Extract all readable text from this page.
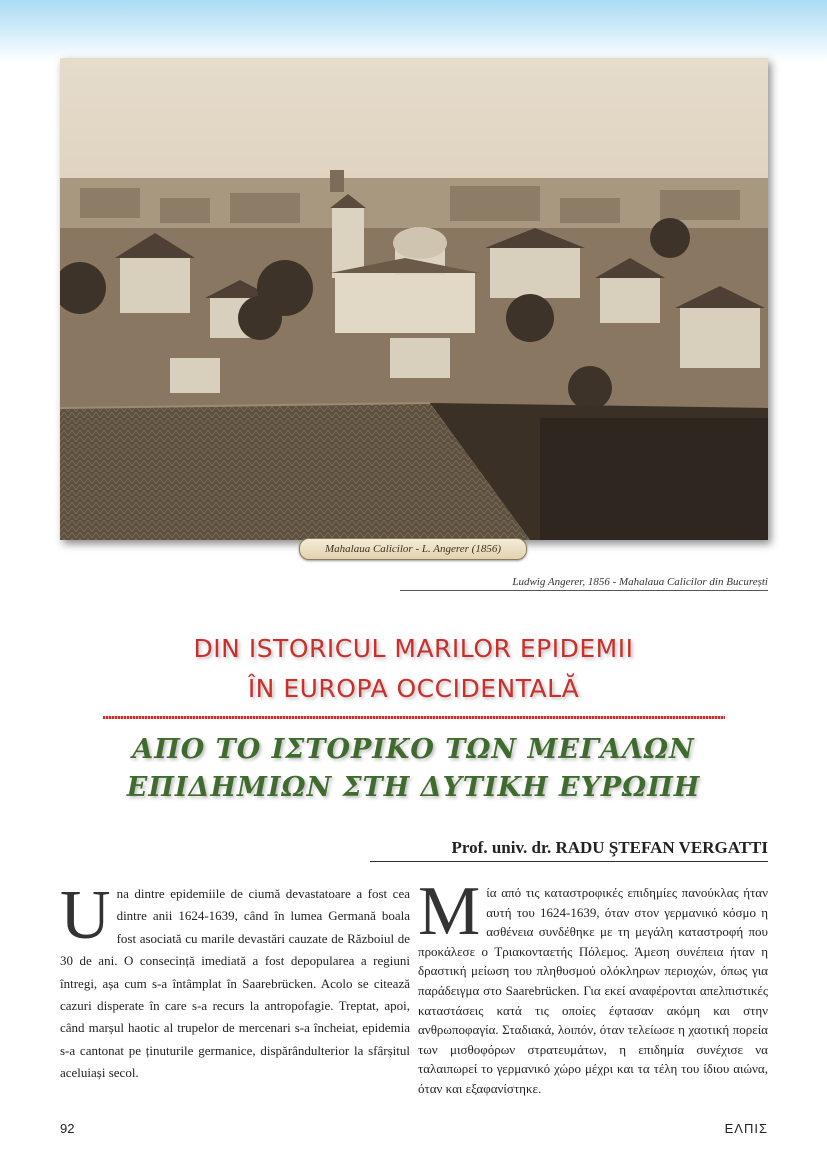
Mahalaua Calicilor - L. Angerer (1856)
Ludwig Angerer, 1856 - Mahalaua Calicilor din București
DIN ISTORICUL MARILOR EPIDEMII
ÎN EUROPA OCCIDENTALĂ
ΑΠΟ ΤΟ ΙΣΤΟΡΙΚΟ ΤΩΝ ΜΕΓΑΛΩΝ
ΕΠΙΔΗΜΙΩΝ ΣΤΗ ΔΥΤΙΚΗ ΕΥΡΩΠΗ
Prof. univ. dr. RADU ŞTEFAN VERGATTI
Una dintre epidemiile de ciumă devastatoare a fost cea dintre anii 1624-1639, când în lumea Germană boala fost asociată cu marile devastări cauzate de Războiul de 30 de ani. O consecință imediată a fost depopularea a regiuni întregi, așa cum s-a întâmplat în Saarebrücken. Acolo se citează cazuri disperate în care s-a recurs la antropofagie. Treptat, apoi, când marșul haotic al trupelor de mercenari s-a încheiat, epidemia s-a cantonat pe ținuturile germanice, dispărândulterior la sfârșitul aceluiași secol.
Μία από τις καταστροφικές επιδημίες πανούκλας ήταν αυτή του 1624-1639, όταν στον γερμανικό κόσμο η ασθένεια συνδέθηκε με τη μεγάλη καταστροφή που προκάλεσε ο Τριακονταετής Πόλεμος. Άμεση συνέπεια ήταν η δραστική μείωση του πληθυσμού ολόκληρων περιοχών, όπως για παράδειγμα στο Saarebrücken. Για εκεί αναφέρονται απελπιστικές καταστάσεις κατά τις οποίες έφτασαν ακόμη και στην ανθρωποφαγία. Σταδιακά, λοιπόν, όταν τελείωσε η χαοτική πορεία των μισθοφόρων στρατευμάτων, η επιδημία συνέχισε να ταλαιπωρεί το γερμανικό χώρο μέχρι και τα τέλη του ίδιου αιώνα, όταν και εξαφανίστηκε.
92	ΕΛΠΙΣ
